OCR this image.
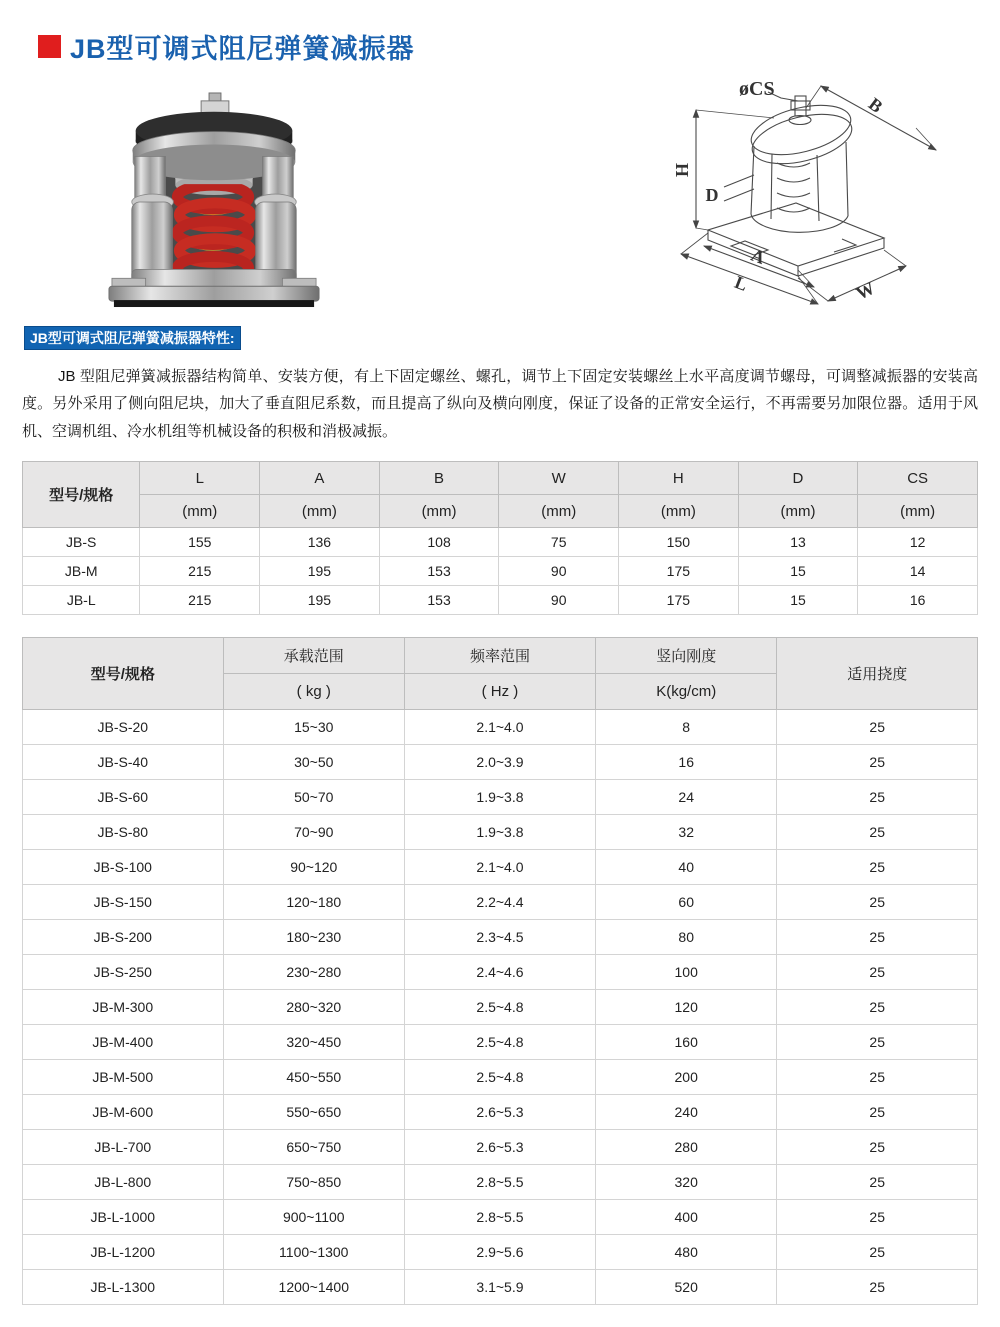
JB型可调式阻尼弹簧减振器
øCS
B
H
D
A
L	W
JB型可调式阻尼弹簧减振器特性:

JB 型阻尼弹簧减振器结构简单、安装方便，有上下固定螺丝、螺孔，调节上下固定安装螺丝上水平高度调节螺母，可调整减振器的安装高度。另外采用了侧向阻尼块，加大了垂直阻尼系数，而且提高了纵向及横向刚度，保证了设备的正常安全运行，不再需要另加限位器。适用于风机、空调机组、冷水机组等机械设备的积极和消极减振。

型号/规格	L	A	B	W	H	D	CS
	(mm)	(mm)	(mm)	(mm)	(mm)	(mm)	(mm)
JB-S	155	136	108	75	150	13	12
JB-M	215	195	153	90	175	15	14
JB-L	215	195	153	90	175	15	16
型号/规格	承载范围	频率范围	竖向刚度	适用挠度
	( kg )	( Hz )	K(kg/cm)	
JB-S-20	15~30	2.1~4.0	8	25
JB-S-40	30~50	2.0~3.9	16	25
JB-S-60	50~70	1.9~3.8	24	25
JB-S-80	70~90	1.9~3.8	32	25
JB-S-100	90~120	2.1~4.0	40	25
JB-S-150	120~180	2.2~4.4	60	25
JB-S-200	180~230	2.3~4.5	80	25
JB-S-250	230~280	2.4~4.6	100	25
JB-M-300	280~320	2.5~4.8	120	25
JB-M-400	320~450	2.5~4.8	160	25
JB-M-500	450~550	2.5~4.8	200	25
JB-M-600	550~650	2.6~5.3	240	25
JB-L-700	650~750	2.6~5.3	280	25
JB-L-800	750~850	2.8~5.5	320	25
JB-L-1000	900~1100	2.8~5.5	400	25
JB-L-1200	1100~1300	2.9~5.6	480	25
JB-L-1300	1200~1400	3.1~5.9	520	25
